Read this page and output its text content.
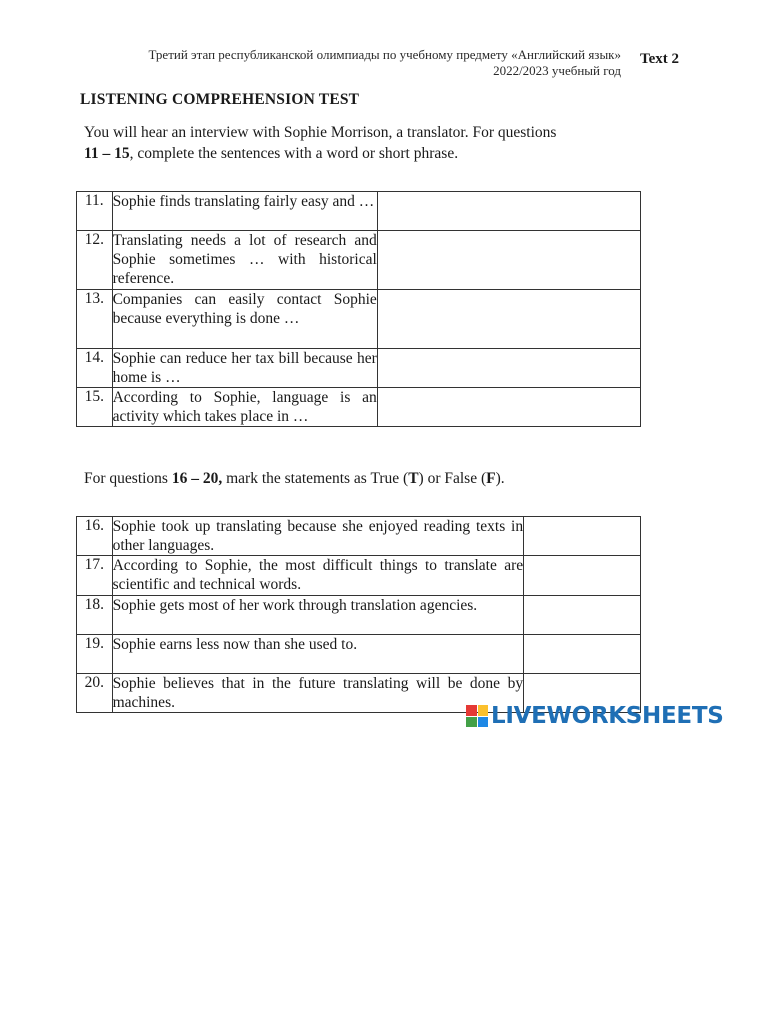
Третий этап республиканской олимпиады по учебному предмету «Английский язык»
2022/2023 учебный год
Text 2
LISTENING COMPREHENSION TEST
You will hear an interview with Sophie Morrison, a translator. For questions
11 – 15, complete the sentences with a word or short phrase.
11.	Sophie finds translating fairly easy and …	
12.	Translating needs a lot of research and Sophie sometimes … with historical reference.	
13.	Companies can easily contact Sophie because everything is done …	
14.	Sophie can reduce her tax bill because her home is …	
15.	According to Sophie, language is an activity which takes place in …	
For questions 16 – 20, mark the statements as True (T) or False (F).
16.	Sophie took up translating because she enjoyed reading texts in other languages.	
17.	According to Sophie, the most difficult things to translate are scientific and technical words.	
18.	Sophie gets most of her work through translation agencies.	
19.	Sophie earns less now than she used to.	
20.	Sophie believes that in the future translating will be done by machines.	
LIVEWORKSHEETS
